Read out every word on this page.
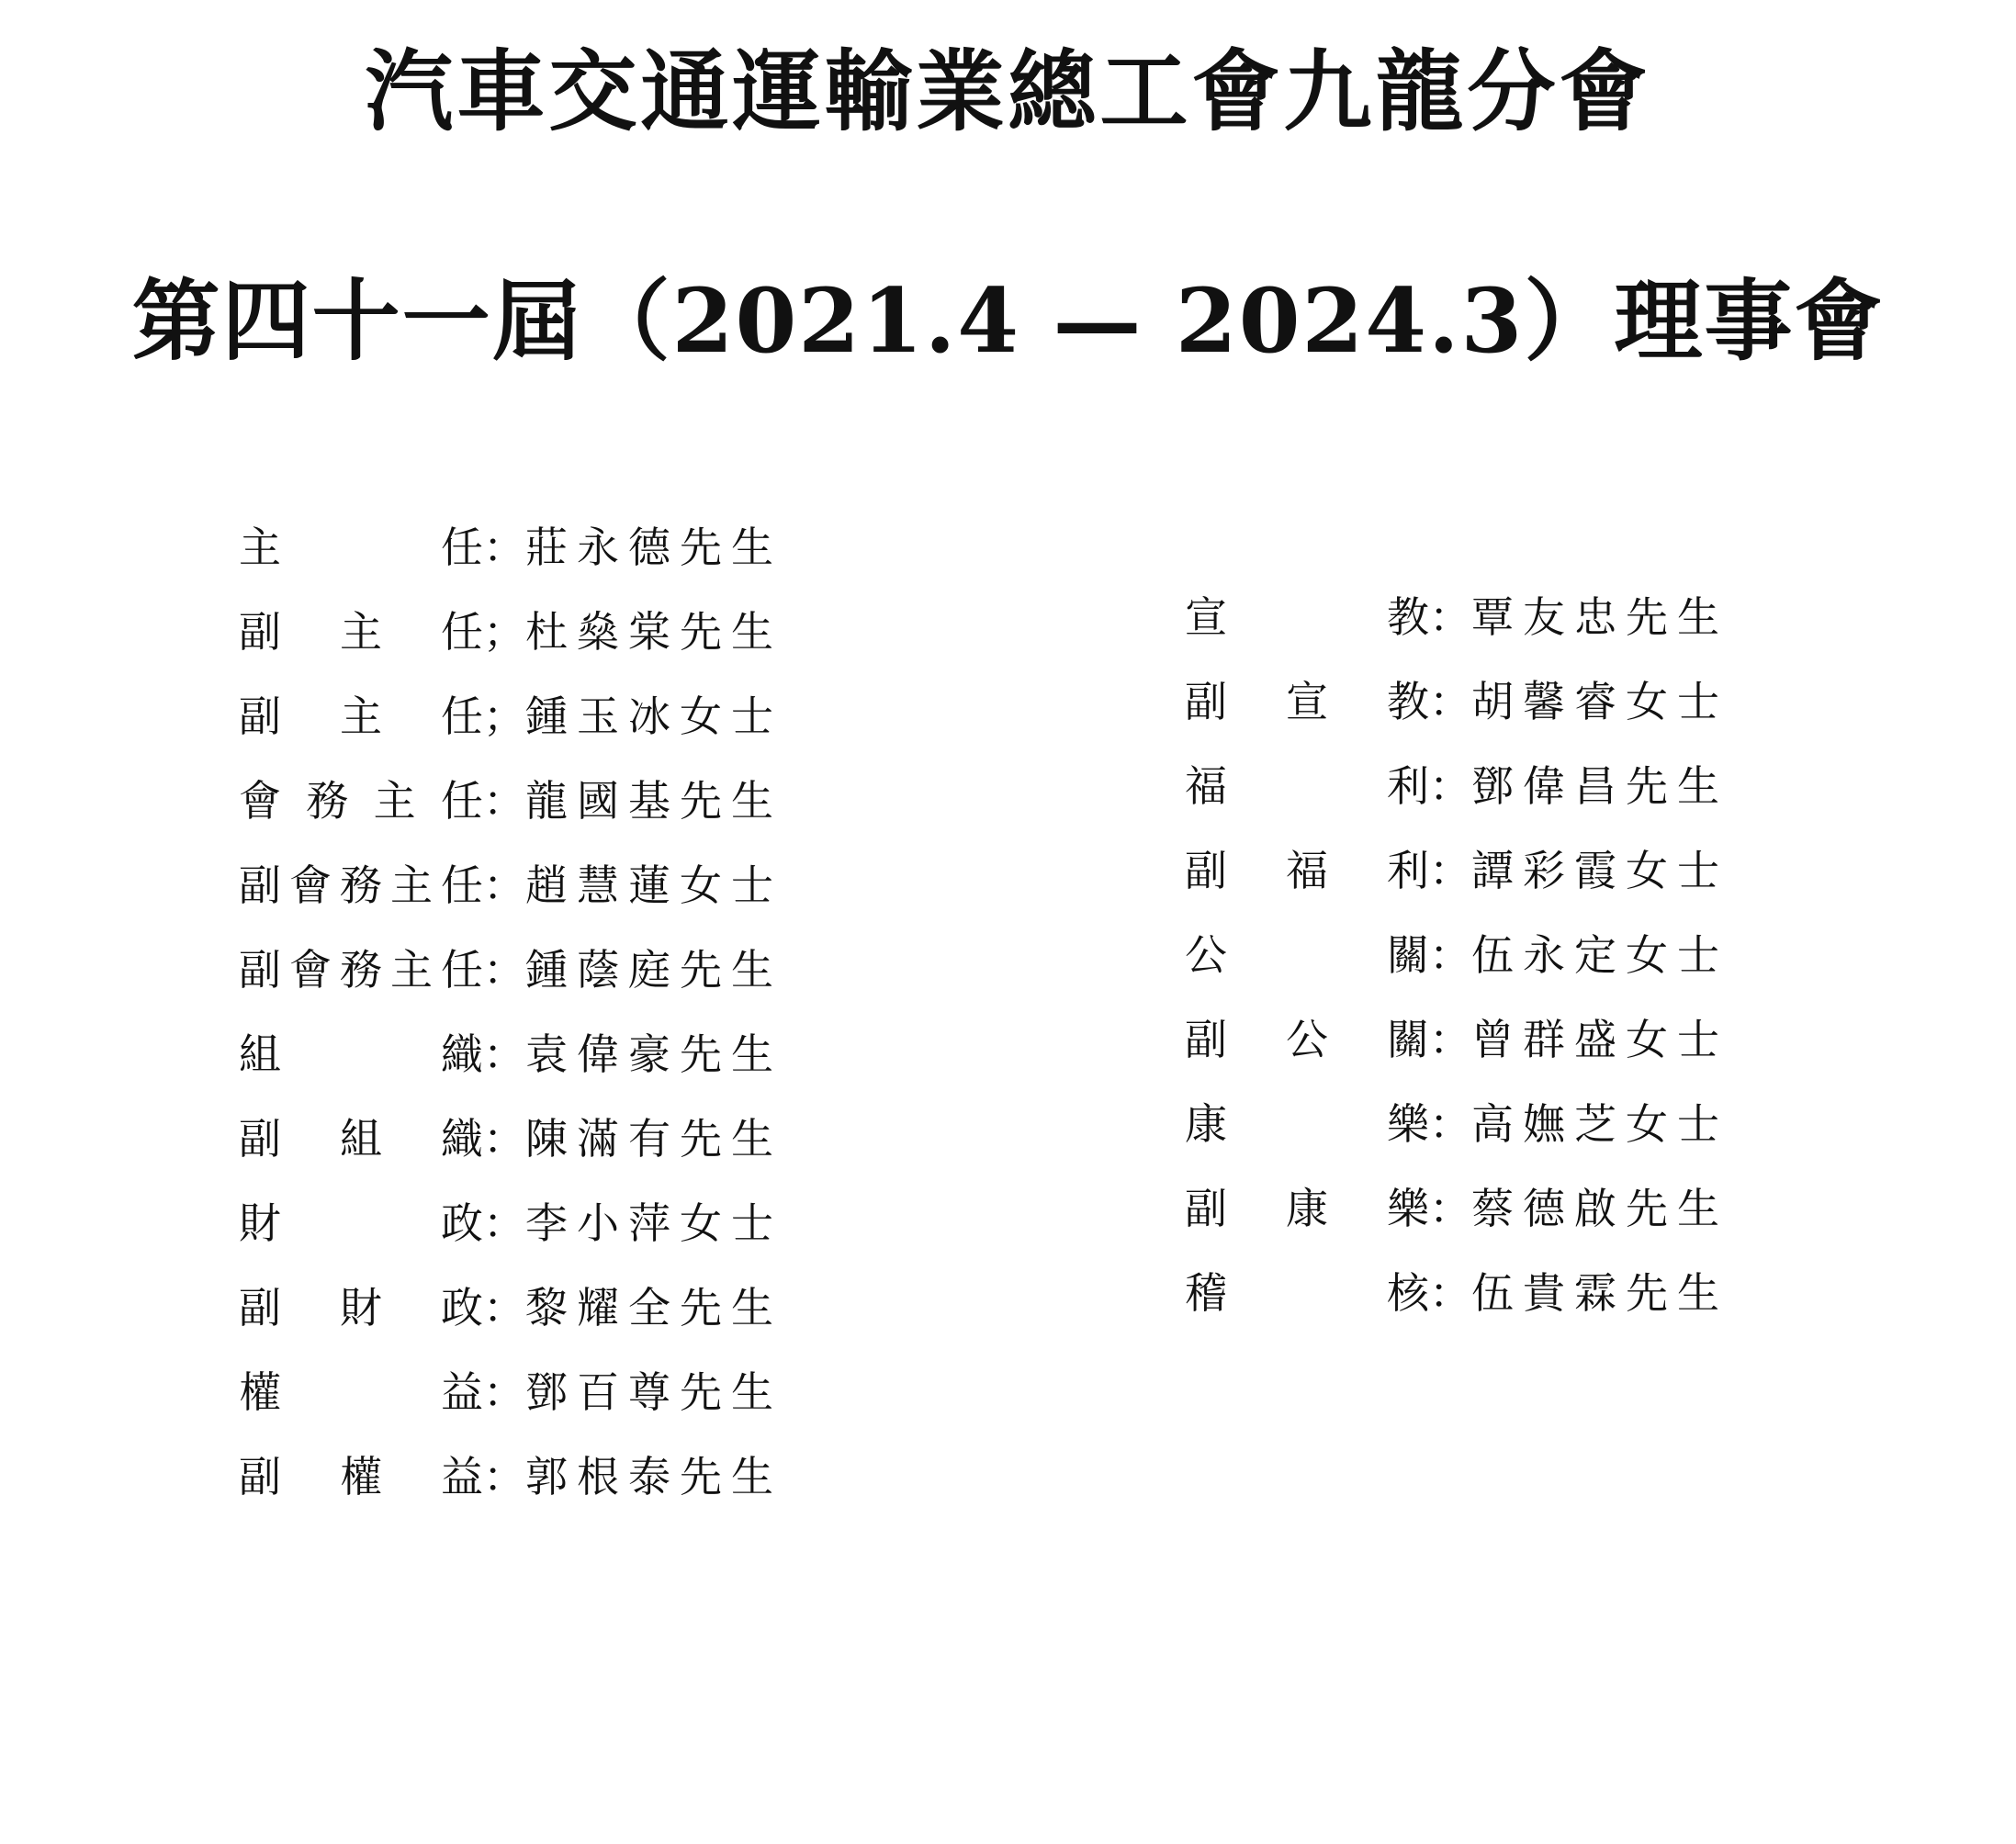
汽車交通運輸業總工會九龍分會
第四十一屆（2021.4 — 2024.3）理事會
主	任 ： 莊永德先生
副 主 任 ； 杜燊棠先生
副 主 任 ； 鍾玉冰女士
會 務 主 任 ： 龍國基先生
副 會 務 主 任 ： 趙慧蓮女士
副 會 務 主 任 ： 鍾蔭庭先生
組	織 ： 袁偉豪先生
副 組 織 ： 陳滿有先生
財	政 ： 李小萍女士
副 財 政 ： 黎耀全先生
權	益 ： 鄧百尊先生
副 權 益 ： 郭根泰先生
宣	教 ： 覃友忠先生
副 宣 教 ： 胡馨睿女士
福	利 ： 鄧偉昌先生
副 福 利 ： 譚彩霞女士
公	關 ： 伍永定女士
副 公 關 ： 曾群盛女士
康	樂 ： 高嫵芝女士
副 康 樂 ： 蔡德啟先生
稽	核 ： 伍貴霖先生
